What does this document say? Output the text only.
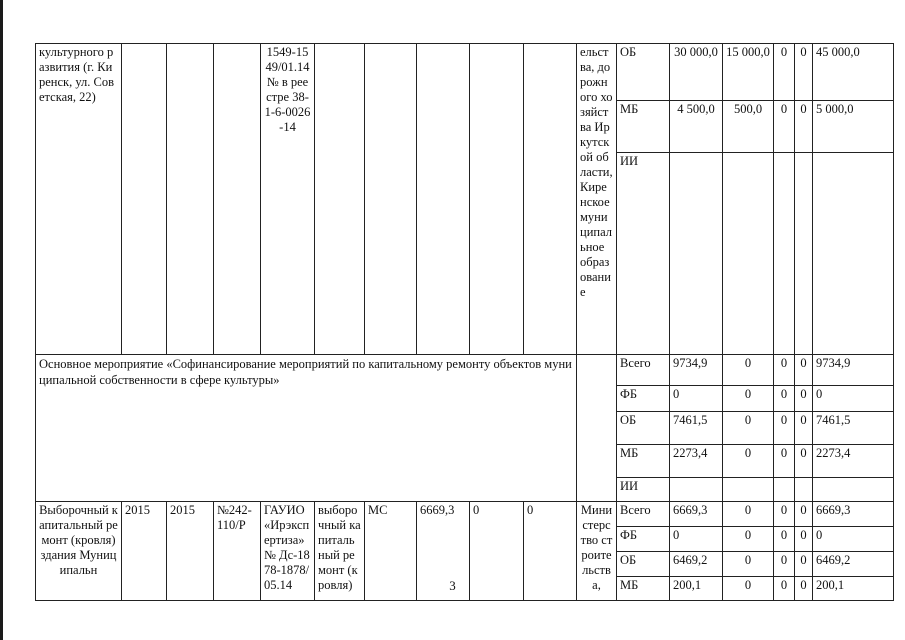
культурного развития (г. Киренск, ул. Советская, 22)				1549-1549/01.14 № в реестре 38-1-6-0026-14						ельства, дорожного хозяйства Иркутской области, Киренское муниципальное образование	ОБ	30 000,0	15 000,0	0	0	45 000,0
											МБ	4 500,0	500,0	0	0	5 000,0
											ИИ					
Основное мероприятие «Софинансирование мероприятий по капитальному ремонту объектов муниципальной собственности в сфере культуры»											Всего	9734,9	0	0	0	9734,9
											ФБ	0	0	0	0	0
											ОБ	7461,5	0	0	0	7461,5
											МБ	2273,4	0	0	0	2273,4
											ИИ					
Выборочный капитальный ремонт (кровля) здания Муниципальн	2015	2015	№242-110/Р	ГАУИО «Ирэкспертиза» № Дс-1878-1878/05.14	выборочный капитальный ремонт (кровля)	МС	6669,3	0	0	Министерство строительства,	Всего	6669,3	0	0	0	6669,3
											ФБ	0	0	0	0	0
											ОБ	6469,2	0	0	0	6469,2
											МБ	200,1	0	0	0	200,1
3
